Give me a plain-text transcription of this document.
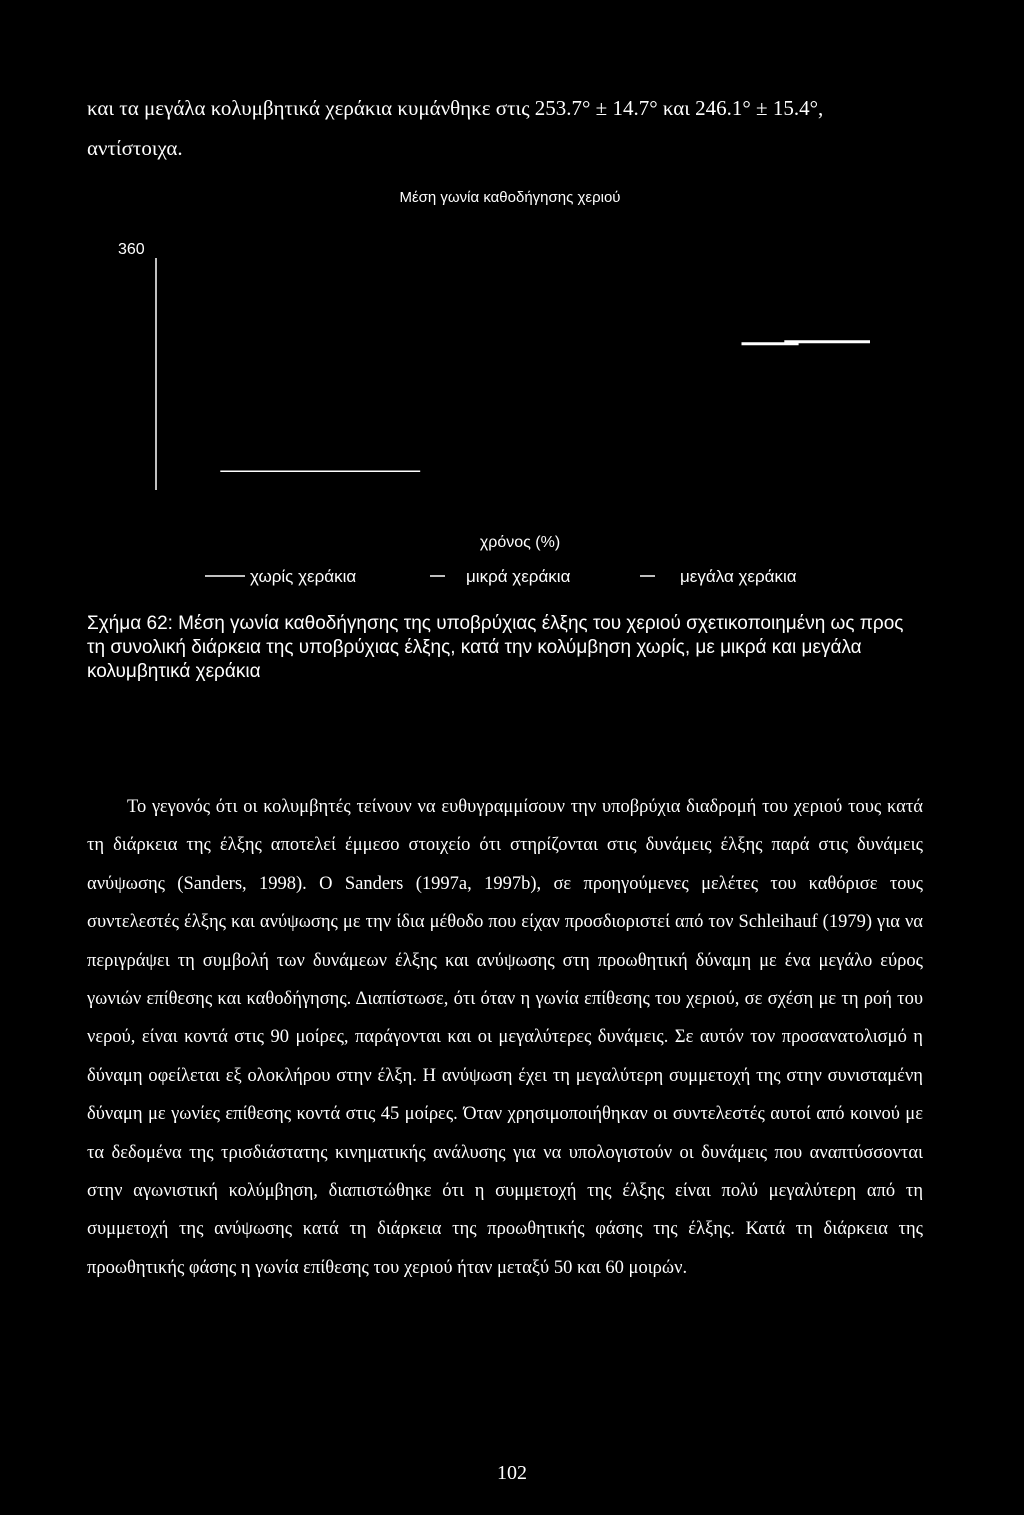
και τα μεγάλα κολυμβητικά χεράκια κυμάνθηκε στις 253.7° ± 14.7° και 246.1° ± 15.4°, αντίστοιχα.

Μέση γωνία καθοδήγησης χεριού
360
χρόνος (%)
χωρίς χεράκια	μικρά χεράκια	μεγάλα χεράκια

Σχήμα 62: Μέση γωνία καθοδήγησης της υποβρύχιας έλξης του χεριού σχετικοποιημένη ως προς τη συνολική διάρκεια της υποβρύχιας έλξης, κατά την κολύμβηση χωρίς, με μικρά και μεγάλα κολυμβητικά χεράκια

Το γεγονός ότι οι κολυμβητές τείνουν να ευθυγραμμίσουν την υποβρύχια διαδρομή του χεριού τους κατά τη διάρκεια της έλξης αποτελεί έμμεσο στοιχείο ότι στηρίζονται στις δυνάμεις έλξης παρά στις δυνάμεις ανύψωσης (Sanders, 1998). Ο Sanders (1997a, 1997b), σε προηγούμενες μελέτες του καθόρισε τους συντελεστές έλξης και ανύψωσης με την ίδια μέθοδο που είχαν προσδιοριστεί από τον Schleihauf (1979) για να περιγράψει τη συμβολή των δυνάμεων έλξης και ανύψωσης στη προωθητική δύναμη με ένα μεγάλο εύρος γωνιών επίθεσης και καθοδήγησης. Διαπίστωσε, ότι όταν η γωνία επίθεσης του χεριού, σε σχέση με τη ροή του νερού, είναι κοντά στις 90 μοίρες, παράγονται και οι μεγαλύτερες δυνάμεις. Σε αυτόν τον προσανατολισμό η δύναμη οφείλεται εξ ολοκλήρου στην έλξη. Η ανύψωση έχει τη μεγαλύτερη συμμετοχή της στην συνισταμένη δύναμη με γωνίες επίθεσης κοντά στις 45 μοίρες. Όταν χρησιμοποιήθηκαν οι συντελεστές αυτοί από κοινού με τα δεδομένα της τρισδιάστατης κινηματικής ανάλυσης για να υπολογιστούν οι δυνάμεις που αναπτύσσονται στην αγωνιστική κολύμβηση, διαπιστώθηκε ότι η συμμετοχή της έλξης είναι πολύ μεγαλύτερη από τη συμμετοχή της ανύψωσης κατά τη διάρκεια της προωθητικής φάσης της έλξης. Κατά τη διάρκεια της προωθητικής φάσης η γωνία επίθεσης του χεριού ήταν μεταξύ 50 και 60 μοιρών.

102
